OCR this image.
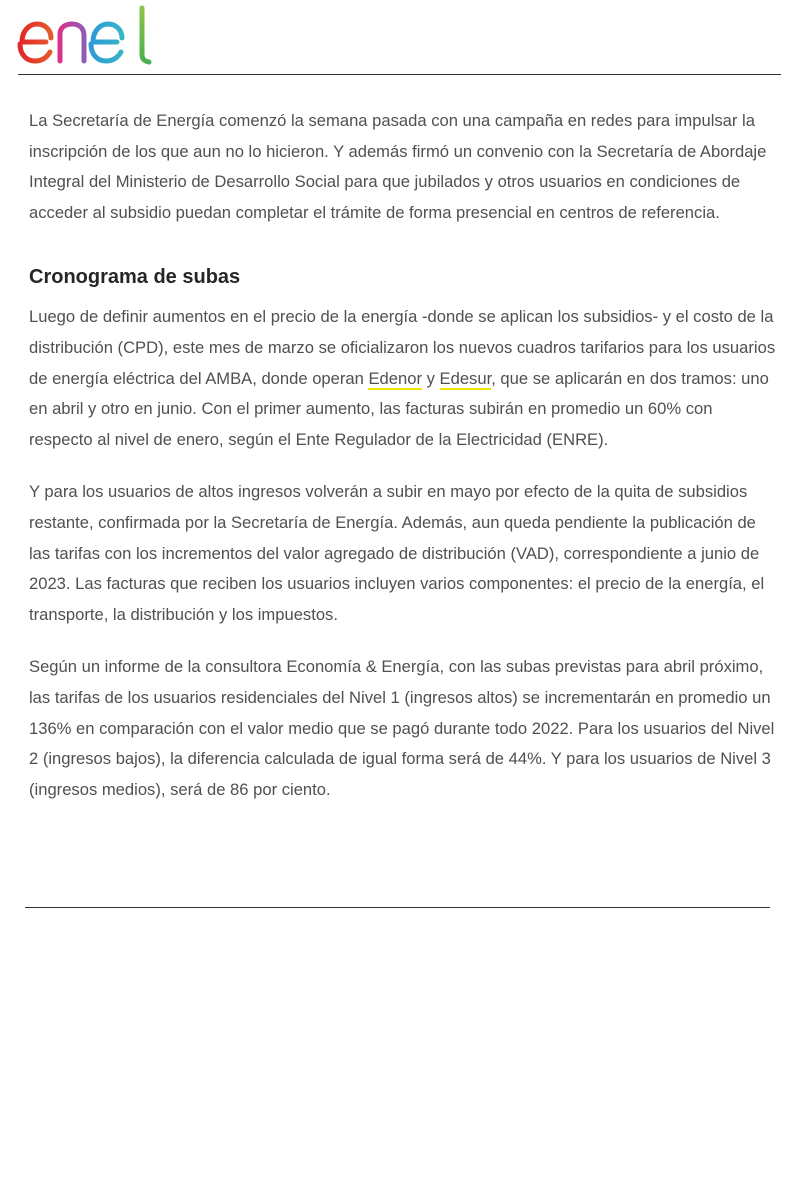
La Secretaría de Energía comenzó la semana pasada con una campaña en redes para impulsar la inscripción de los que aun no lo hicieron. Y además firmó un convenio con la Secretaría de Abordaje Integral del Ministerio de Desarrollo Social para que jubilados y otros usuarios en condiciones de acceder al subsidio puedan completar el trámite de forma presencial en centros de referencia.

Cronograma de subas

Luego de definir aumentos en el precio de la energía -donde se aplican los subsidios- y el costo de la distribución (CPD), este mes de marzo se oficializaron los nuevos cuadros tarifarios para los usuarios de energía eléctrica del AMBA, donde operan Edenor y Edesur, que se aplicarán en dos tramos: uno en abril y otro en junio. Con el primer aumento, las facturas subirán en promedio un 60% con respecto al nivel de enero, según el Ente Regulador de la Electricidad (ENRE).

Y para los usuarios de altos ingresos volverán a subir en mayo por efecto de la quita de subsidios restante, confirmada por la Secretaría de Energía. Además, aun queda pendiente la publicación de las tarifas con los incrementos del valor agregado de distribución (VAD), correspondiente a junio de 2023. Las facturas que reciben los usuarios incluyen varios componentes: el precio de la energía, el transporte, la distribución y los impuestos.

Según un informe de la consultora Economía & Energía, con las subas previstas para abril próximo, las tarifas de los usuarios residenciales del Nivel 1 (ingresos altos) se incrementarán en promedio un 136% en comparación con el valor medio que se pagó durante todo 2022. Para los usuarios del Nivel 2 (ingresos bajos), la diferencia calculada de igual forma será de 44%. Y para los usuarios de Nivel 3 (ingresos medios), será de 86 por ciento.
